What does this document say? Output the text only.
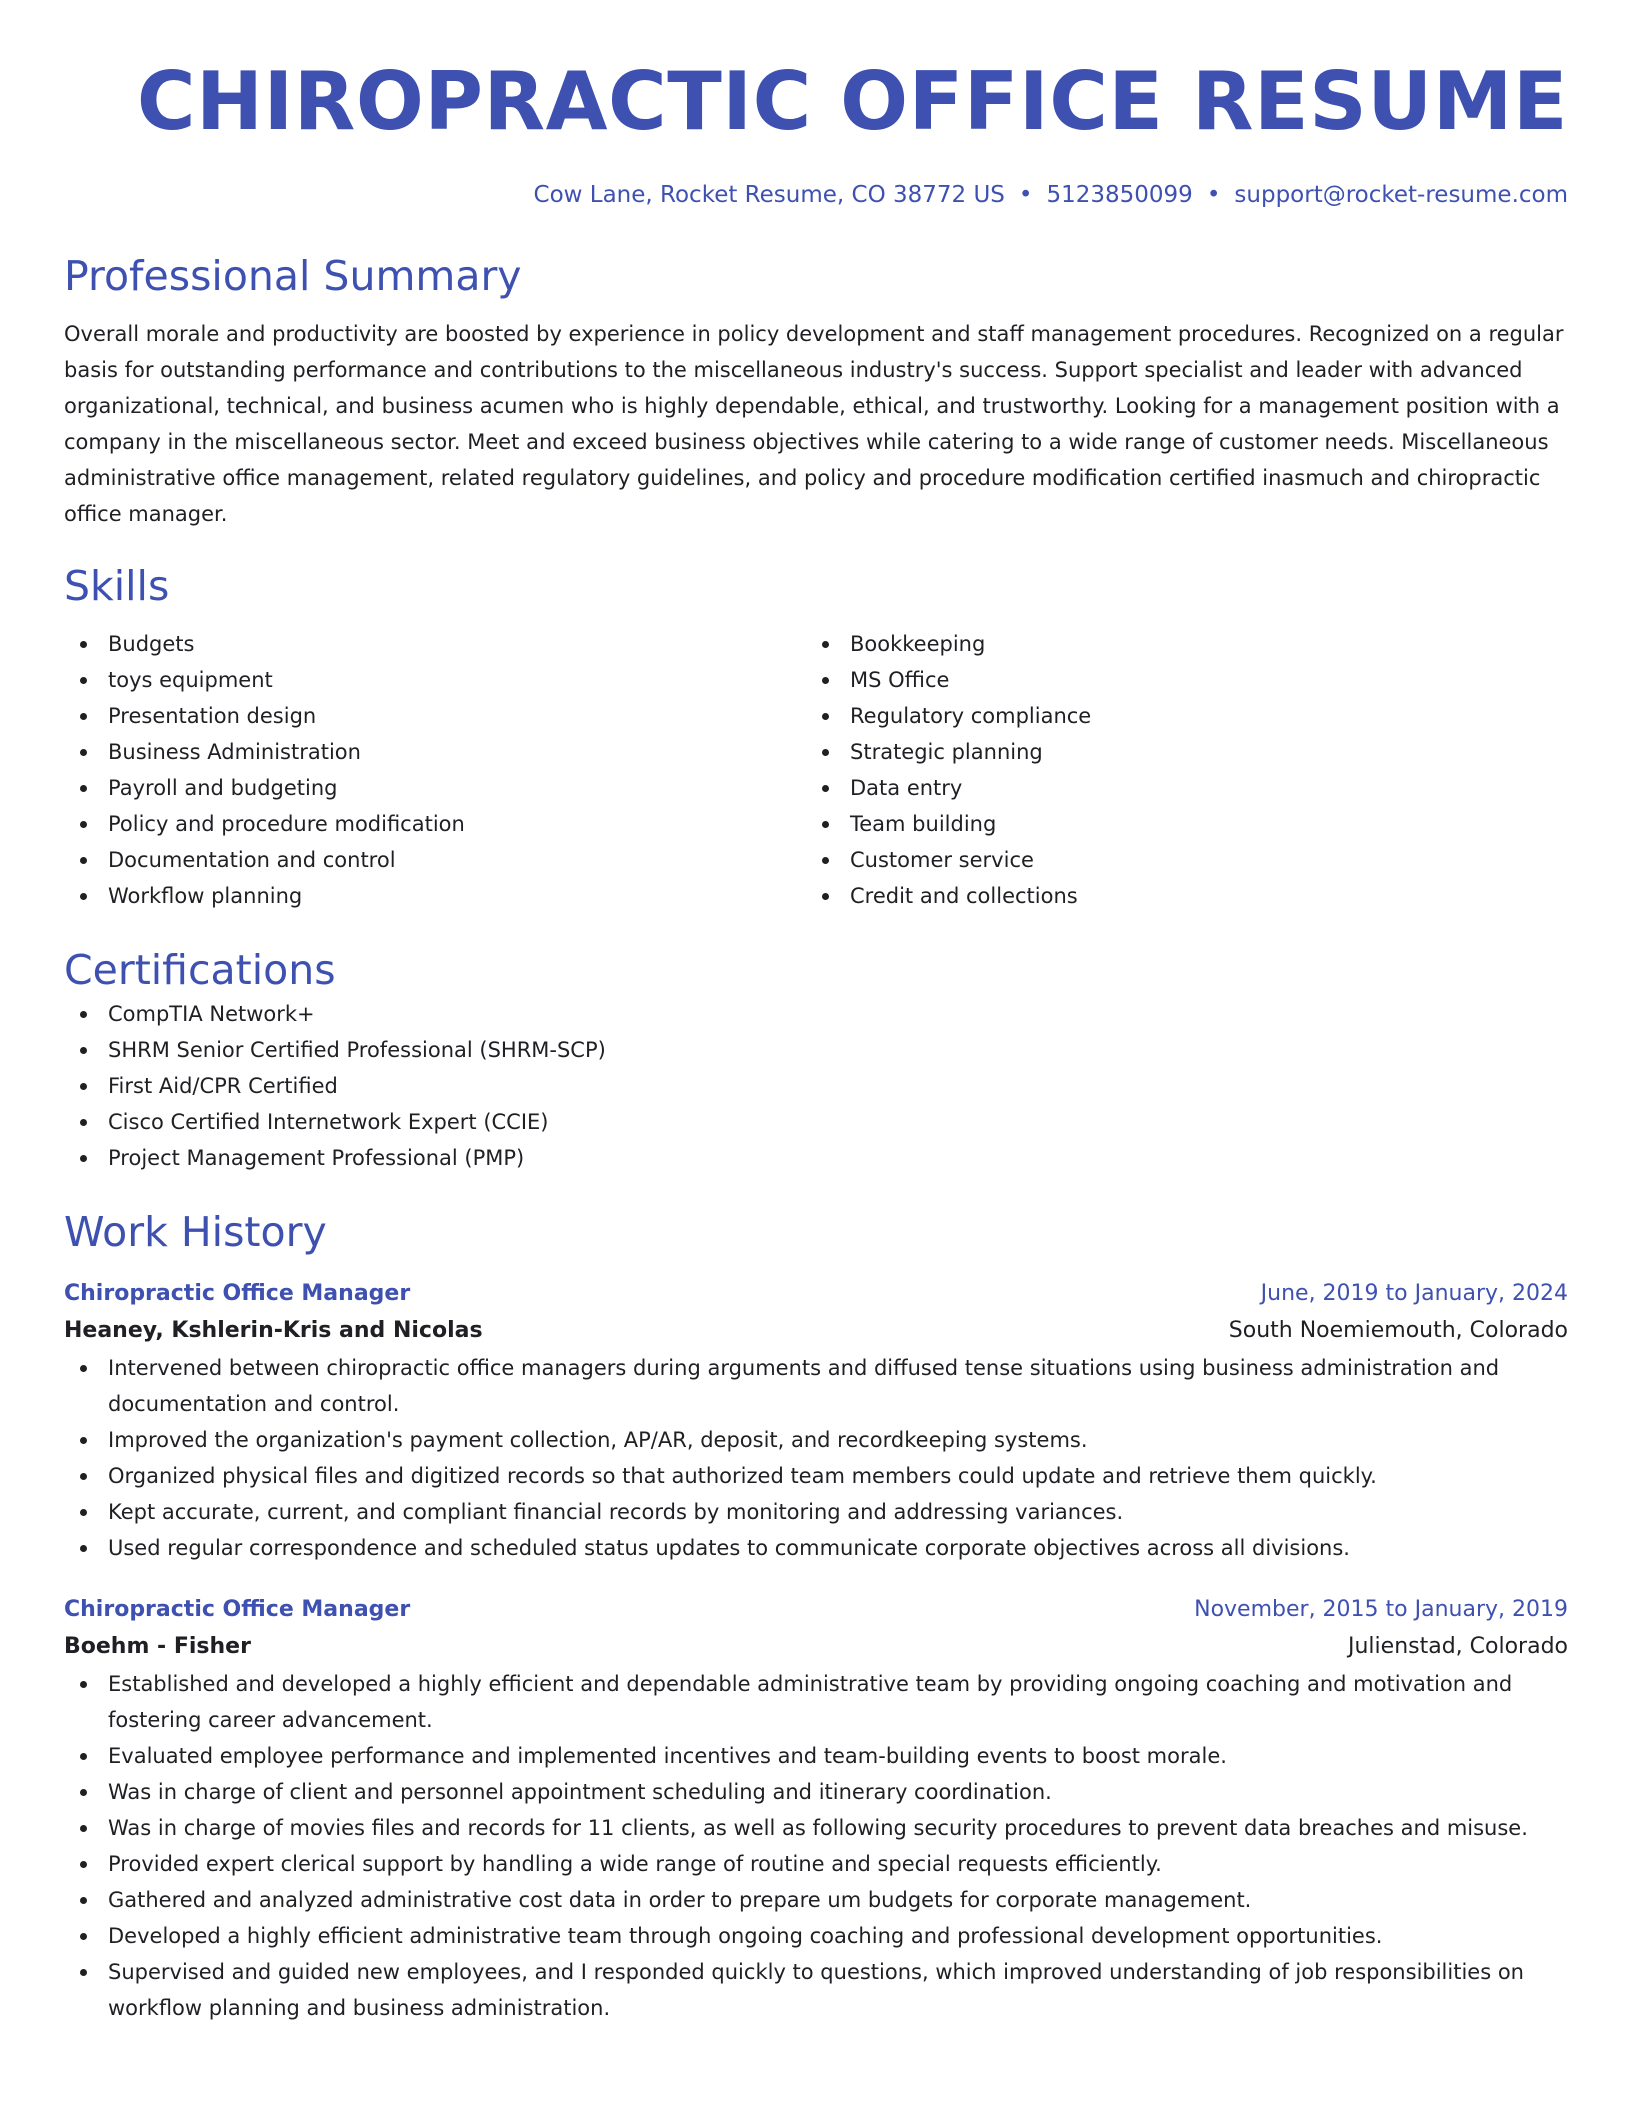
CHIROPRACTIC OFFICE RESUME
Cow Lane, Rocket Resume, CO 38772 US • 5123850099 • support@rocket-resume.com
Professional Summary
Overall morale and productivity are boosted by experience in policy development and staff management procedures. Recognized on a regular basis for outstanding performance and contributions to the miscellaneous industry's success. Support specialist and leader with advanced organizational, technical, and business acumen who is highly dependable, ethical, and trustworthy. Looking for a management position with a company in the miscellaneous sector. Meet and exceed business objectives while catering to a wide range of customer needs. Miscellaneous administrative office management, related regulatory guidelines, and policy and procedure modification certified inasmuch and chiropractic office manager.
Skills
Budgets
toys equipment
Presentation design
Business Administration
Payroll and budgeting
Policy and procedure modification
Documentation and control
Workflow planning
Bookkeeping
MS Office
Regulatory compliance
Strategic planning
Data entry
Team building
Customer service
Credit and collections
Certifications
CompTIA Network+
SHRM Senior Certified Professional (SHRM-SCP)
First Aid/CPR Certified
Cisco Certified Internetwork Expert (CCIE)
Project Management Professional (PMP)
Work History
Chiropractic Office Manager	June, 2019 to January, 2024
Heaney, Kshlerin-Kris and Nicolas	South Noemiemouth, Colorado
Intervened between chiropractic office managers during arguments and diffused tense situations using business administration and documentation and control.
Improved the organization's payment collection, AP/AR, deposit, and recordkeeping systems.
Organized physical files and digitized records so that authorized team members could update and retrieve them quickly.
Kept accurate, current, and compliant financial records by monitoring and addressing variances.
Used regular correspondence and scheduled status updates to communicate corporate objectives across all divisions.
Chiropractic Office Manager	November, 2015 to January, 2019
Boehm - Fisher	Julienstad, Colorado
Established and developed a highly efficient and dependable administrative team by providing ongoing coaching and motivation and fostering career advancement.
Evaluated employee performance and implemented incentives and team-building events to boost morale.
Was in charge of client and personnel appointment scheduling and itinerary coordination.
Was in charge of movies files and records for 11 clients, as well as following security procedures to prevent data breaches and misuse.
Provided expert clerical support by handling a wide range of routine and special requests efficiently.
Gathered and analyzed administrative cost data in order to prepare um budgets for corporate management.
Developed a highly efficient administrative team through ongoing coaching and professional development opportunities.
Supervised and guided new employees, and I responded quickly to questions, which improved understanding of job responsibilities on workflow planning and business administration.
